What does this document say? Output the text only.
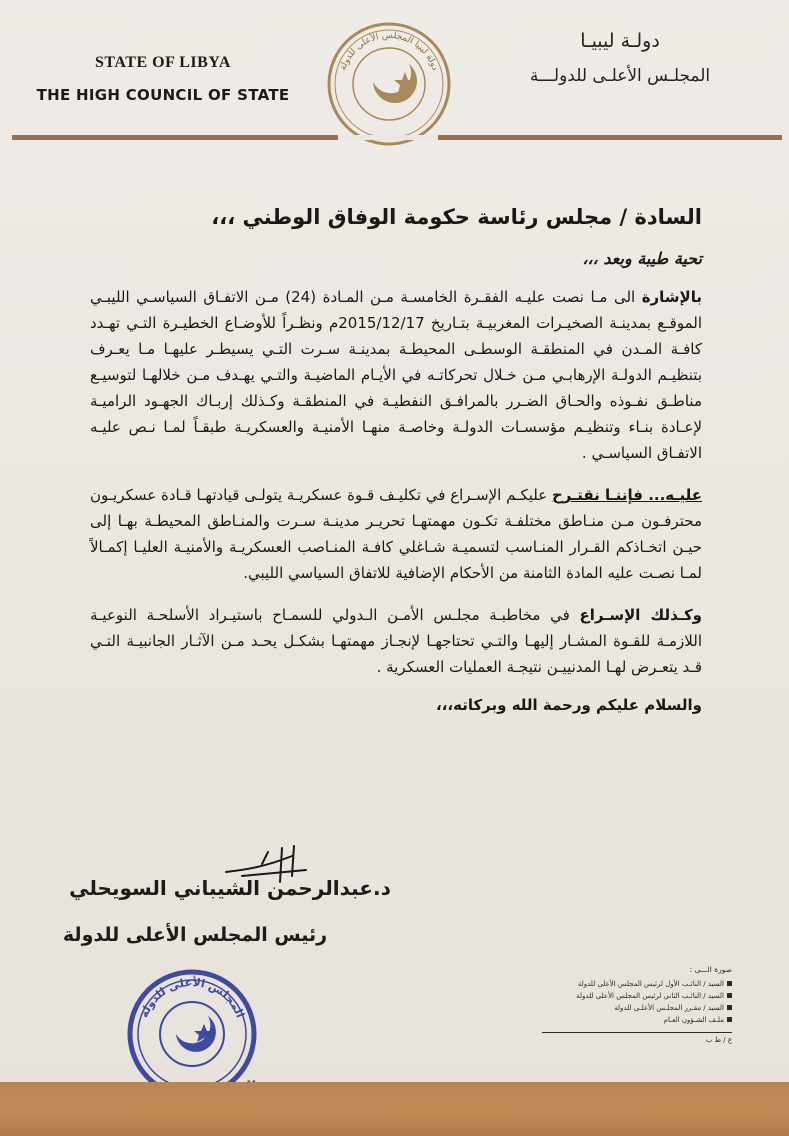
STATE OF LIBYA
THE HIGH COUNCIL OF STATE
دولة ليبيا المجلس الأعلى للدولة
دولـة ليبيـا
المجلـس الأعلـى للدولـــة
السادة / مجلس رئاسة حكومة الوفاق الوطني ،،،
تحية طيبة وبعد ،،،

بالإشارة الى مـا نصت عليـه الفقـرة الخامسـة مـن المـادة (24) مـن الاتفـاق السياسـي الليبـي الموقـع بمدينـة الصخيـرات المغربيـة بتـاريخ 2015/12/17م ونظـراً للأوضـاع الخطيـرة التـي تهـدد كافـة المـدن في المنطقـة الوسطـى المحيطـة بمدينـة سـرت التـي يسيطـر عليهـا مـا يعـرف بتنظيـم الدولـة الإرهابـي مـن خـلال تحركاتـه في الأيـام الماضيـة والتـي يهـدف مـن خلالهـا لتوسيـع مناطـق نفـوذه والحـاق الضـرر بالمرافـق النفطيـة في المنطقـة وكـذلك إربـاك الجهـود الراميـة لإعـادة بنـاء وتنظيـم مؤسسـات الدولـة وخاصـة منهـا الأمنيـة والعسكريـة طبقـاً لمـا نـص عليـه الاتفـاق السياسـي .

عليـه... فإننـا نقتـرح عليكـم الإسـراع في تكليـف قـوة عسكريـة يتولـى قيادتهـا قـادة عسكريـون محترفـون مـن منـاطق مختلفـة تكـون مهمتهـا تحريـر مدينـة سـرت والمنـاطق المحيطـة بهـا إلى حيـن اتخـاذكم القـرار المنـاسب لتسميـة شـاغلي كافـة المنـاصب العسكريـة والأمنيـة العليـا إكمـالاً لمـا نصـت عليه المادة الثامنة من الأحكام الإضافية للاتفاق السياسي الليبي.

وكـذلك الإسـراع في مخاطبـة مجلـس الأمـن الـدولي للسمـاح باستيـراد الأسلحـة النوعيـة اللازمـة للقـوة المشـار إليهـا والتـي تحتاجهـا لإنجـاز مهمتهـا بشكـل يحـد مـن الآثـار الجانبيـة التـي قـد يتعـرض لهـا المدنييـن نتيجـة العمليات العسكرية .

والسلام عليكم ورحمة الله وبركاته،،،
د.عبدالرحمن الشيباني السويحلي
رئيس المجلس الأعلى للدولة
المجلس الأعلى للدولة
صورة الـــى :
السيد / النائـب الأول لرئيس المجلس الأعلى للدولة
السيد / النائـب الثاني لرئيس المجلس الأعلى للدولة
السيد / مقـرر المجلـس الأعلـى للدولة
ملـف الشـؤون العـام
ع / ط ب
